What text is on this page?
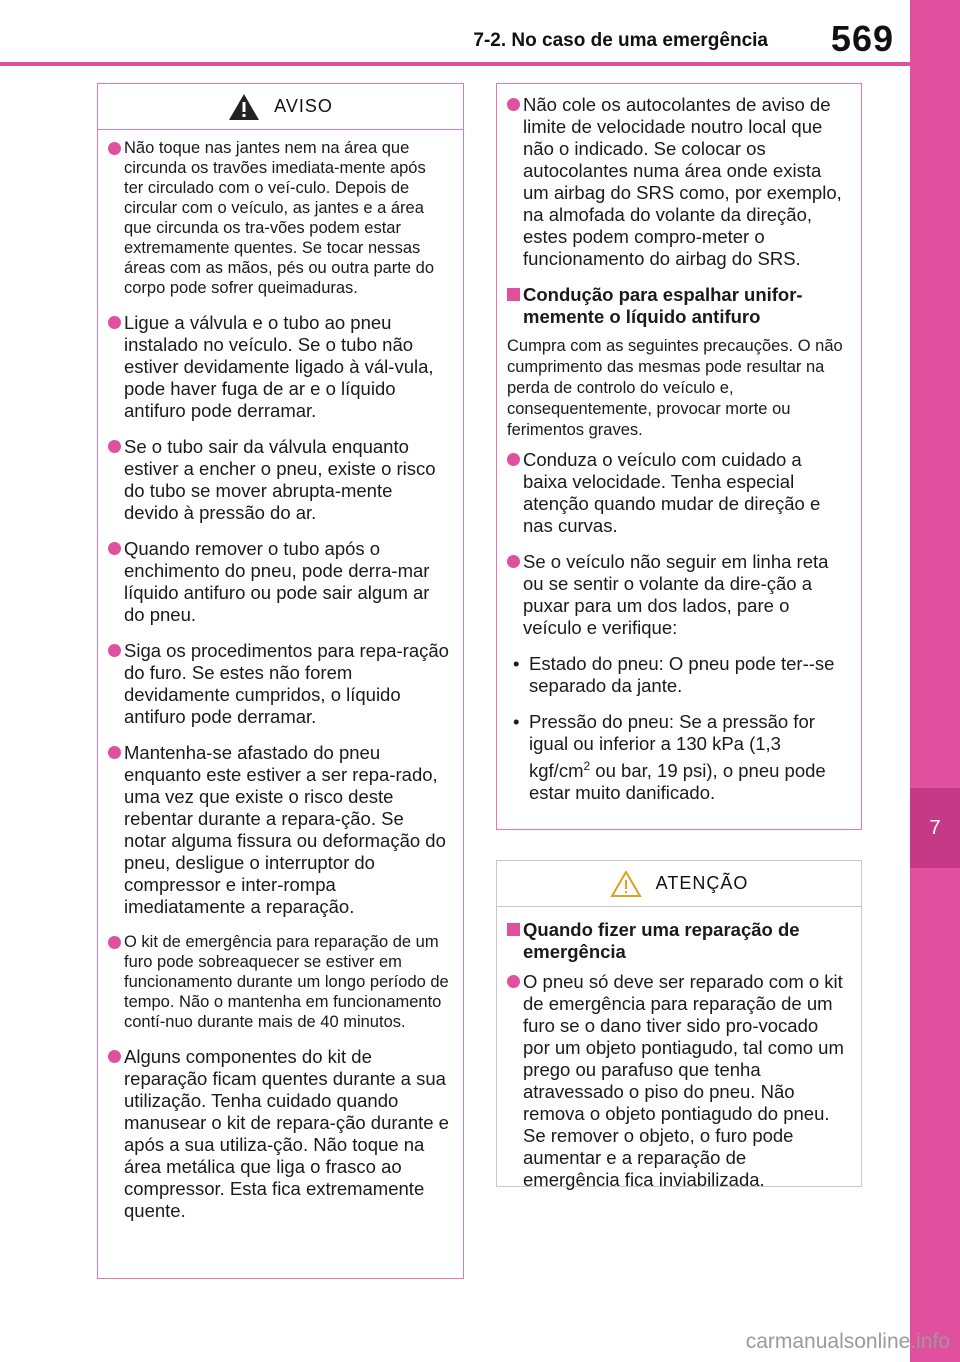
7-2. No caso de uma emergência 569
7
Quando surge uma avaria
AVISO
Não toque nas jantes nem na área que circunda os travões imediata-mente após ter circulado com o veí-culo. Depois de circular com o veículo, as jantes e a área que circunda os tra-vões podem estar extremamente quentes. Se tocar nessas áreas com as mãos, pés ou outra parte do corpo pode sofrer queimaduras.
Ligue a válvula e o tubo ao pneu instalado no veículo. Se o tubo não estiver devidamente ligado à vál-vula, pode haver fuga de ar e o líquido antifuro pode derramar.
Se o tubo sair da válvula enquanto estiver a encher o pneu, existe o risco do tubo se mover abrupta-mente devido à pressão do ar.
Quando remover o tubo após o enchimento do pneu, pode derra-mar líquido antifuro ou pode sair algum ar do pneu.
Siga os procedimentos para repa-ração do furo. Se estes não forem devidamente cumpridos, o líquido antifuro pode derramar.
Mantenha-se afastado do pneu enquanto este estiver a ser repa-rado, uma vez que existe o risco deste rebentar durante a repara-ção. Se notar alguma fissura ou deformação do pneu, desligue o interruptor do compressor e inter-rompa imediatamente a reparação.
O kit de emergência para reparação de um furo pode sobreaquecer se estiver em funcionamento durante um longo período de tempo. Não o mantenha em funcionamento contí-nuo durante mais de 40 minutos.
Alguns componentes do kit de reparação ficam quentes durante a sua utilização. Tenha cuidado quando manusear o kit de repara-ção durante e após a sua utiliza-ção. Não toque na área metálica que liga o frasco ao compressor. Esta fica extremamente quente.
Não cole os autocolantes de aviso de limite de velocidade noutro local que não o indicado. Se colocar os autocolantes numa área onde exista um airbag do SRS como, por exemplo, na almofada do volante da direção, estes podem compro-meter o funcionamento do airbag do SRS.
Condução para espalhar unifor-memente o líquido antifuro
Cumpra com as seguintes precauções. O não cumprimento das mesmas pode resultar na perda de controlo do veículo e, consequentemente, provocar morte ou ferimentos graves.
Conduza o veículo com cuidado a baixa velocidade. Tenha especial atenção quando mudar de direção e nas curvas.
Se o veículo não seguir em linha reta ou se sentir o volante da dire-ção a puxar para um dos lados, pare o veículo e verifique:
• Estado do pneu: O pneu pode ter--se separado da jante.
• Pressão do pneu: Se a pressão for igual ou inferior a 130 kPa (1,3 kgf/$cm^2$ ou bar, 19 psi), o pneu pode estar muito danificado.
ATENÇÃO
Quando fizer uma reparação de emergência
O pneu só deve ser reparado com o kit de emergência para reparação de um furo se o dano tiver sido pro-vocado por um objeto pontiagudo, tal como um prego ou parafuso que tenha atravessado o piso do pneu. Não remova o objeto pontiagudo do pneu. Se remover o objeto, o furo pode aumentar e a reparação de emergência fica inviabilizada.
carmanualsonline.info
